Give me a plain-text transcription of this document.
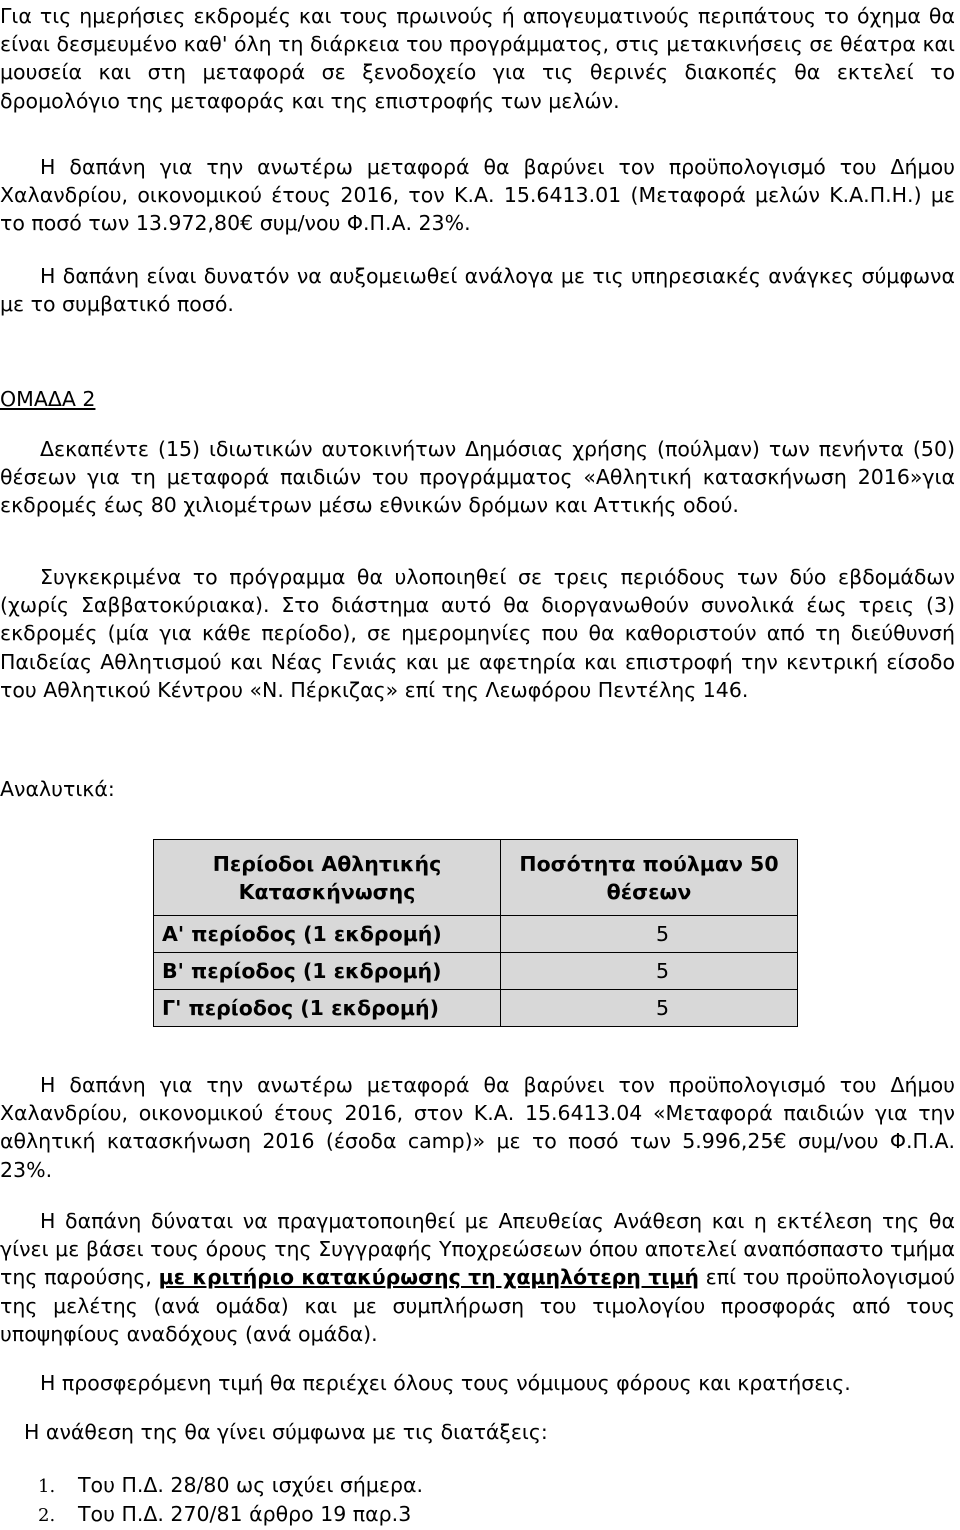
Για τις ημερήσιες εκδρομές και τους πρωινούς ή απογευματινούς περιπάτους το όχημα θα είναι δεσμευμένο καθ' όλη τη διάρκεια του προγράμματος, στις μετακινήσεις σε θέατρα και μουσεία και στη μεταφορά σε ξενοδοχείο για τις θερινές διακοπές θα εκτελεί το δρομολόγιο της μεταφοράς και της επιστροφής των μελών.

Η δαπάνη για την ανωτέρω μεταφορά θα βαρύνει τον προϋπολογισμό του Δήμου Χαλανδρίου, οικονομικού έτους 2016, τον Κ.Α. 15.6413.01 (Μεταφορά μελών Κ.Α.Π.Η.) με το ποσό των 13.972,80€ συμ/νου Φ.Π.Α. 23%.

Η δαπάνη είναι δυνατόν να αυξομειωθεί ανάλογα με τις υπηρεσιακές ανάγκες σύμφωνα με το συμβατικό ποσό.

ΟΜΑΔΑ 2

Δεκαπέντε (15) ιδιωτικών αυτοκινήτων Δημόσιας χρήσης (πούλμαν) των πενήντα (50) θέσεων για τη μεταφορά παιδιών του προγράμματος «Αθλητική κατασκήνωση 2016»για εκδρομές έως 80 χιλιομέτρων μέσω εθνικών δρόμων και Αττικής οδού.

Συγκεκριμένα το πρόγραμμα θα υλοποιηθεί σε τρεις περιόδους των δύο εβδομάδων (χωρίς Σαββατοκύριακα). Στο διάστημα αυτό θα διοργανωθούν συνολικά έως τρεις (3) εκδρομές (μία για κάθε περίοδο), σε ημερομηνίες που θα καθοριστούν από τη διεύθυνσή Παιδείας Αθλητισμού και Νέας Γενιάς και με αφετηρία και επιστροφή την κεντρική είσοδο του Αθλητικού Κέντρου «Ν. Πέρκιζας» επί της Λεωφόρου Πεντέλης 146.

Αναλυτικά:

Περίοδοι Αθλητικής Κατασκήνωσης	Ποσότητα πούλμαν 50 θέσεων
Α' περίοδος (1 εκδρομή)	5
Β' περίοδος (1 εκδρομή)	5
Γ' περίοδος (1 εκδρομή)	5

Η δαπάνη για την ανωτέρω μεταφορά θα βαρύνει τον προϋπολογισμό του Δήμου Χαλανδρίου, οικονομικού έτους 2016, στον Κ.Α. 15.6413.04 «Μεταφορά παιδιών για την αθλητική κατασκήνωση 2016 (έσοδα camp)» με το ποσό των 5.996,25€ συμ/νου Φ.Π.Α. 23%.

Η δαπάνη δύναται να πραγματοποιηθεί με Απευθείας Ανάθεση και η εκτέλεση της θα γίνει με βάσει τους όρους της Συγγραφής Υποχρεώσεων όπου αποτελεί αναπόσπαστο τμήμα της παρούσης, με κριτήριο κατακύρωσης τη χαμηλότερη τιμή επί του προϋπολογισμού της μελέτης (ανά ομάδα) και με συμπλήρωση του τιμολογίου προσφοράς από τους υποψηφίους αναδόχους (ανά ομάδα).

Η προσφερόμενη τιμή θα περιέχει όλους τους νόμιμους φόρους και κρατήσεις.

Η ανάθεση της θα γίνει σύμφωνα με τις διατάξεις:

1. Του Π.Δ. 28/80 ως ισχύει σήμερα.
2. Του Π.Δ. 270/81 άρθρο 19 παρ.3
